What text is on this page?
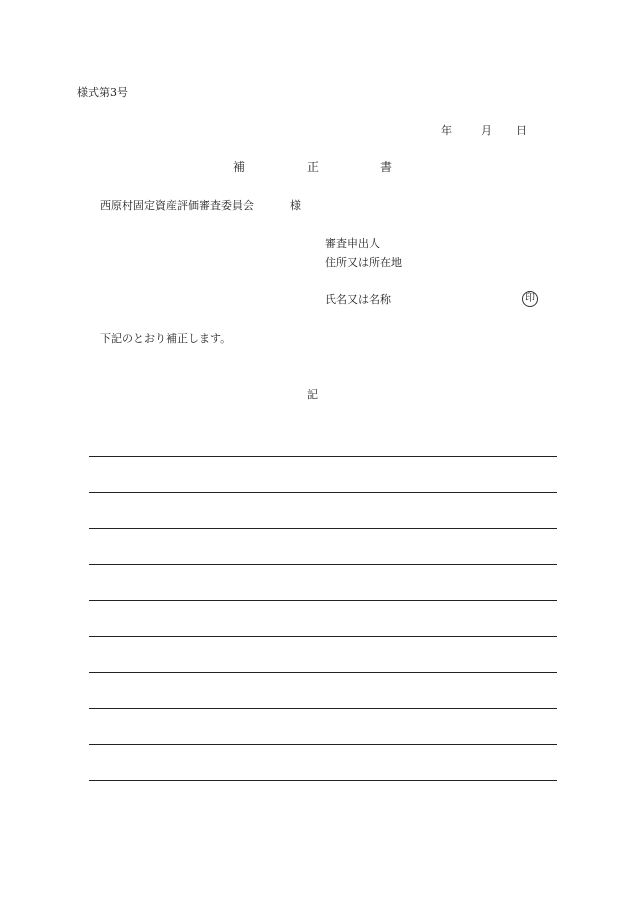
様式第3号
年	月 日
補	正	書
西原村固定資産評価審査委員会	様
審査申出人
住所又は所在地
氏名又は名称	印
下記のとおり補正します。
記
